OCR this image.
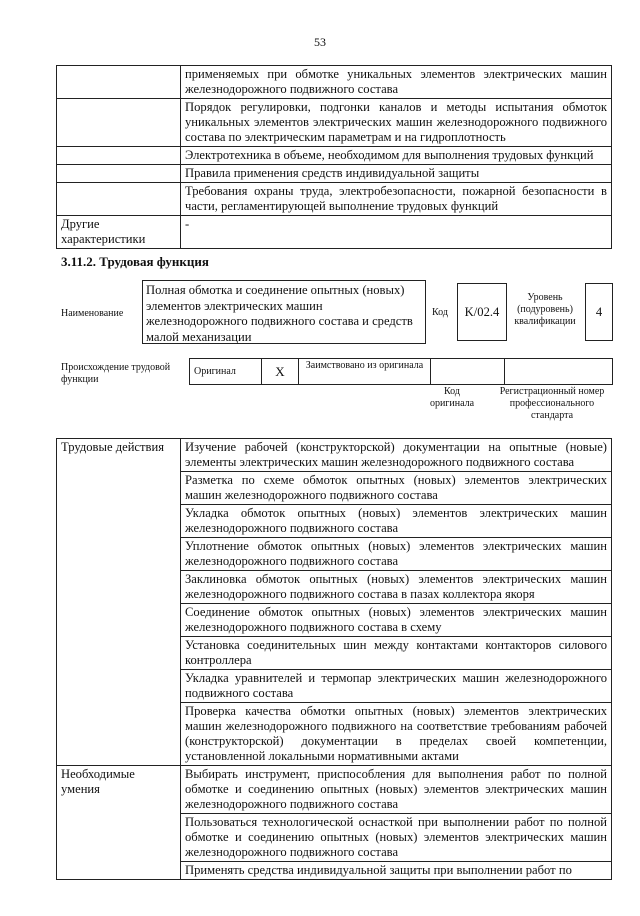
53
	применяемых при обмотке уникальных элементов электрических машин железнодорожного подвижного состава
	Порядок регулировки, подгонки каналов и методы испытания обмоток уникальных элементов электрических машин железнодорожного подвижного состава по электрическим параметрам и на гидроплотность
	Электротехника в объеме, необходимом для выполнения трудовых функций
	Правила применения средств индивидуальной защиты
	Требования охраны труда, электробезопасности, пожарной безопасности в части, регламентирующей выполнение трудовых функций
Другие характеристики	-
3.11.2. Трудовая функция
Наименование
Полная обмотка и соединение опытных (новых) элементов электрических машин железнодорожного подвижного состава и средств малой механизации
Код	K/02.4
Уровень (подуровень) квалификации
4
Происхождение трудовой функции
Оригинал	X	Заимствовано из оригинала
Код оригинала
Регистрационный номер профессионального стандарта
Трудовые действия	Изучение рабочей (конструкторской) документации на опытные (новые) элементы электрических машин железнодорожного подвижного состава
	Разметка по схеме обмоток опытных (новых) элементов электрических машин железнодорожного подвижного состава
	Укладка обмоток опытных (новых) элементов электрических машин железнодорожного подвижного состава
	Уплотнение обмоток опытных (новых) элементов электрических машин железнодорожного подвижного состава
	Заклиновка обмоток опытных (новых) элементов электрических машин железнодорожного подвижного состава в пазах коллектора якоря
	Соединение обмоток опытных (новых) элементов электрических машин железнодорожного подвижного состава в схему
	Установка соединительных шин между контактами контакторов силового контроллера
	Укладка уравнителей и термопар электрических машин железнодорожного подвижного состава
	Проверка качества обмотки опытных (новых) элементов электрических машин железнодорожного подвижного на соответствие требованиям рабочей (конструкторской) документации в пределах своей компетенции, установленной локальными нормативными актами
Необходимые умения	Выбирать инструмент, приспособления для выполнения работ по полной обмотке и соединению опытных (новых) элементов электрических машин железнодорожного подвижного состава
	Пользоваться технологической оснасткой при выполнении работ по полной обмотке и соединению опытных (новых) элементов электрических машин железнодорожного подвижного состава
	Применять средства индивидуальной защиты при выполнении работ по
